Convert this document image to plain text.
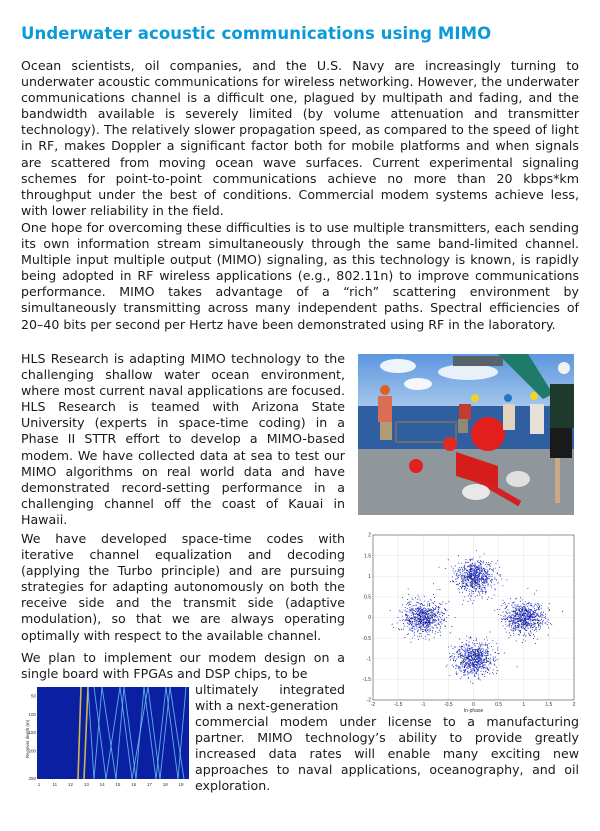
Underwater acoustic communications using MIMO

Ocean scientists, oil companies, and the U.S. Navy are increasingly turning to underwater acoustic communications for wireless networking. However, the underwater communications channel is a difficult one, plagued by multipath and fading, and the bandwidth available is severely limited (by volume attenuation and transmitter technology). The relatively slower propagation speed, as compared to the speed of light in RF, makes Doppler a significant factor both for mobile platforms and when signals are scattered from moving ocean wave surfaces. Current experimental signaling schemes for point-to-point communications achieve no more than 20 kbps*km throughput under the best of conditions. Commercial modem systems achieve less, with lower reliability in the field.

One hope for overcoming these difficulties is to use multiple transmitters, each sending its own information stream simultaneously through the same band-limited channel. Multiple input multiple output (MIMO) signaling, as this technology is known, is rapidly being adopted in RF wireless applications (e.g., 802.11n) to improve communications performance. MIMO takes advantage of a “rich” scattering environment by simultaneously transmitting across many independent paths. Spectral efficiencies of 20–40 bits per second per Hertz have been demonstrated using RF in the laboratory.

HLS Research is adapting MIMO technology to the challenging shallow water ocean environment, where most current naval applications are focused. HLS Research is teamed with Arizona State University (experts in space-time coding) in a Phase II STTR effort to develop a MIMO-based modem. We have collected data at sea to test our MIMO algorithms on real world data and have demonstrated record-setting performance in a challenging channel off the coast of Kauai in Hawaii.

We have developed space-time codes with iterative channel equalization and decoding (applying the Turbo principle) and are pursuing strategies for adapting autonomously on both the receive side and the transmit side (adaptive modulation), so that we are always operating optimally with respect to the available channel.

We plan to implement our modem design on a single board with FPGAs and DSP chips, to be

ultimately integrated with a next-generation

commercial modem under license to a manufacturing partner. MIMO technology’s ability to provide greatly increased data rates will enable many exciting new approaches to naval applications, oceanography, and oil exploration.

-2	-1.5	-1	-0.5	0	0.5	1	1.5	2
2
1.5
1
0.5
0
-0.5
-1
-1.5
-2
In-phase
50
100
150
200
250
1	11 12 13 14 15 16 17 18 19
Receiver depth (m)
